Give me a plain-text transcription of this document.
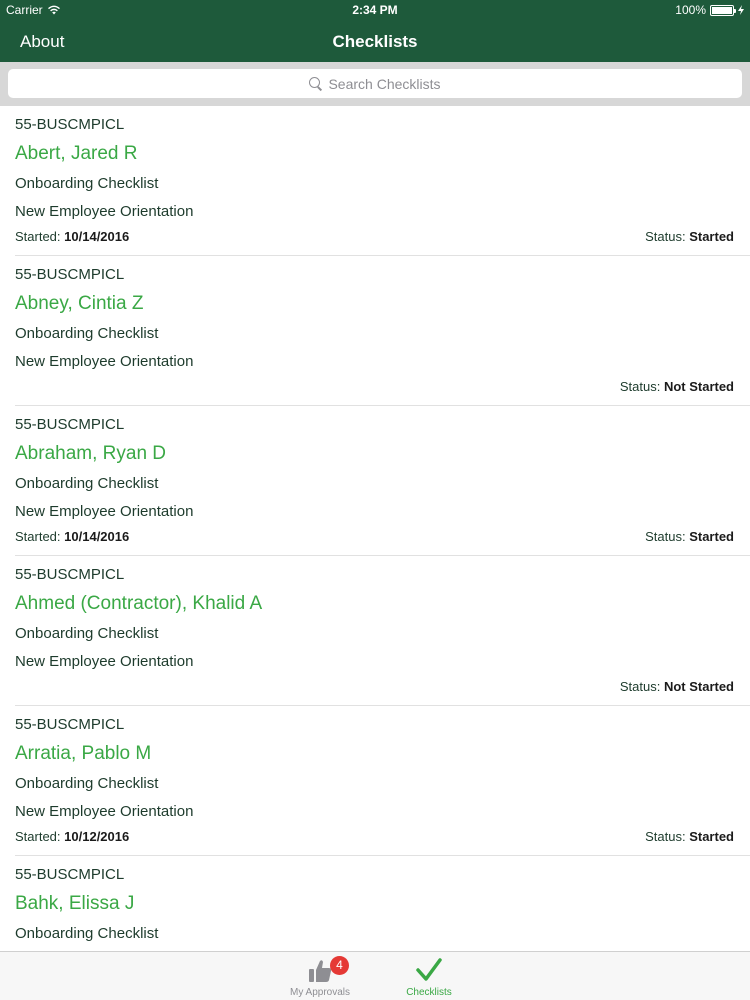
Carrier	2:34 PM	100%
About	Checklists
Search Checklists
55-BUSCMPICL
Abert, Jared R
Onboarding Checklist
New Employee Orientation
Started: 10/14/2016	Status: Started
55-BUSCMPICL
Abney, Cintia Z
Onboarding Checklist
New Employee Orientation
Status: Not Started
55-BUSCMPICL
Abraham, Ryan D
Onboarding Checklist
New Employee Orientation
Started: 10/14/2016	Status: Started
55-BUSCMPICL
Ahmed (Contractor), Khalid A
Onboarding Checklist
New Employee Orientation
Status: Not Started
55-BUSCMPICL
Arratia, Pablo M
Onboarding Checklist
New Employee Orientation
Started: 10/12/2016	Status: Started
55-BUSCMPICL
Bahk, Elissa J
Onboarding Checklist
4
My Approvals	Checklists
